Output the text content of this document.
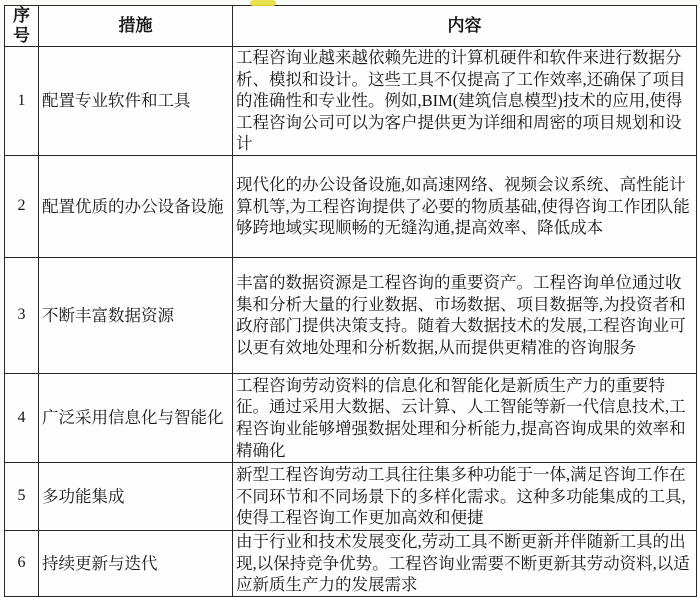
序号	措施	内容
1	配置专业软件和工具	工程咨询业越来越依赖先进的计算机硬件和软件来进行数据分析、模拟和设计。这些工具不仅提高了工作效率,还确保了项目的准确性和专业性。例如,BIM(建筑信息模型)技术的应用,使得工程咨询公司可以为客户提供更为详细和周密的项目规划和设计
2	配置优质的办公设备设施	现代化的办公设备设施,如高速网络、视频会议系统、高性能计算机等,为工程咨询提供了必要的物质基础,使得咨询工作团队能够跨地域实现顺畅的无缝沟通,提高效率、降低成本
3	不断丰富数据资源	丰富的数据资源是工程咨询的重要资产。工程咨询单位通过收集和分析大量的行业数据、市场数据、项目数据等,为投资者和政府部门提供决策支持。随着大数据技术的发展,工程咨询业可以更有效地处理和分析数据,从而提供更精准的咨询服务
4	广泛采用信息化与智能化	工程咨询劳动资料的信息化和智能化是新质生产力的重要特征。通过采用大数据、云计算、人工智能等新一代信息技术,工程咨询业能够增强数据处理和分析能力,提高咨询成果的效率和精确化
5	多功能集成	新型工程咨询劳动工具往往集多种功能于一体,满足咨询工作在不同环节和不同场景下的多样化需求。这种多功能集成的工具,使得工程咨询工作更加高效和便捷
6	持续更新与迭代	由于行业和技术发展变化,劳动工具不断更新并伴随新工具的出现,以保持竞争优势。工程咨询业需要不断更新其劳动资料,以适应新质生产力的发展需求
